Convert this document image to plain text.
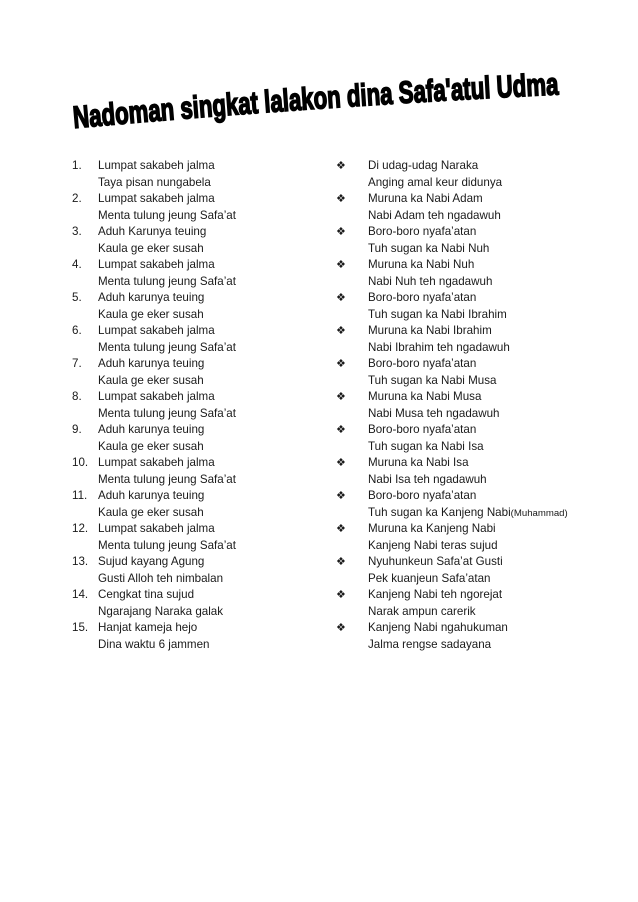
Nadoman singkat lalakon dina Safa'atul Udma
1. Lumpat sakabeh jalma
Taya pisan nungabela
2. Lumpat sakabeh jalma
Menta tulung jeung Safa’at
3. Aduh Karunya teuing
Kaula ge eker susah
4. Lumpat sakabeh jalma
Menta tulung jeung Safa’at
5. Aduh karunya teuing
Kaula ge eker susah
6. Lumpat sakabeh jalma
Menta tulung jeung Safa’at
7. Aduh karunya teuing
Kaula ge eker susah
8. Lumpat sakabeh jalma
Menta tulung jeung Safa’at
9. Aduh karunya teuing
Kaula ge eker susah
10. Lumpat sakabeh jalma
Menta tulung jeung Safa’at
11. Aduh karunya teuing
Kaula ge eker susah
12. Lumpat sakabeh jalma
Menta tulung jeung Safa’at
13. Sujud kayang Agung
Gusti Alloh teh nimbalan
14. Cengkat tina sujud
Ngarajang Naraka galak
15. Hanjat kameja hejo
Dina waktu 6 jammen
❖ Di udag-udag Naraka
Anging amal keur didunya
❖ Muruna ka Nabi Adam
Nabi Adam teh ngadawuh
❖ Boro-boro nyafa’atan
Tuh sugan ka Nabi Nuh
❖ Muruna ka Nabi Nuh
Nabi Nuh teh ngadawuh
❖ Boro-boro nyafa’atan
Tuh sugan ka Nabi Ibrahim
❖ Muruna ka Nabi Ibrahim
Nabi Ibrahim teh ngadawuh
❖ Boro-boro nyafa’atan
Tuh sugan ka Nabi Musa
❖ Muruna ka Nabi Musa
Nabi Musa teh ngadawuh
❖ Boro-boro nyafa’atan
Tuh sugan ka Nabi Isa
❖ Muruna ka Nabi Isa
Nabi Isa teh ngadawuh
❖ Boro-boro nyafa’atan
Tuh sugan ka Kanjeng Nabi(Muhammad)
❖ Muruna ka Kanjeng Nabi
Kanjeng Nabi teras sujud
❖ Nyuhunkeun Safa’at Gusti
Pek kuanjeun Safa’atan
❖ Kanjeng Nabi teh ngorejat
Narak ampun carerik
❖ Kanjeng Nabi ngahukuman
Jalma rengse sadayana
